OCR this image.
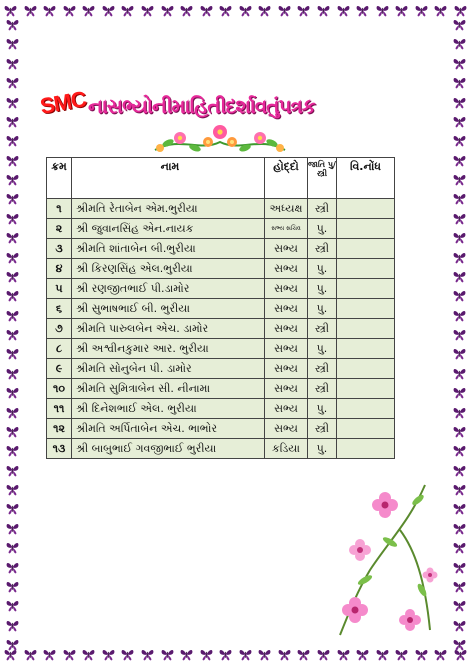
SMC નાસભ્યોનીમાહિતીદર્શાવતુંપત્રક
ક્રમ	નામ	હોદ્દો	જાતિ પુ/સ્ત્રી	વિ.નોંધ
૧	શ્રીમતિ રેતાબેન એમ.ભુરીયા	અધ્યક્ષ	સ્ત્રી	
૨	શ્રી જુવાનસિંહ એન.નાયક	સભ્ય સચિવ	પુ.	
૩	શ્રીમતિ શાંતાબેન બી.ભુરીયા	સભ્ય	સ્ત્રી	
૪	શ્રી કિરણસિંહ એલ.ભુરીયા	સભ્ય	પુ.	
૫	શ્રી રણજીતભાઈ પી.ડામોર	સભ્ય	પુ.	
૬	શ્રી સુભાષભાઈ બી. ભુરીયા	સભ્ય	પુ.	
૭	શ્રીમતિ પારુલબેન એચ. ડામોર	સભ્ય	સ્ત્રી	
૮	શ્રી અશ્વીનકુમાર આર. ભુરીયા	સભ્ય	પુ.	
૯	શ્રીમતિ સોનુબેન પી. ડામોર	સભ્ય	સ્ત્રી	
૧૦	શ્રીમતિ સુમિત્રાબેન સી. નીનામા	સભ્ય	સ્ત્રી	
૧૧	શ્રી દિનેશભાઈ એલ. ભુરીયા	સભ્ય	પુ.	
૧૨	શ્રીમતિ અર્પિતાબેન એચ. ભાભોર	સભ્ય	સ્ત્રી	
૧૩	શ્રી બાબુભાઈ ગવજીભાઈ ભુરીયા	કડિયા	પુ.	
